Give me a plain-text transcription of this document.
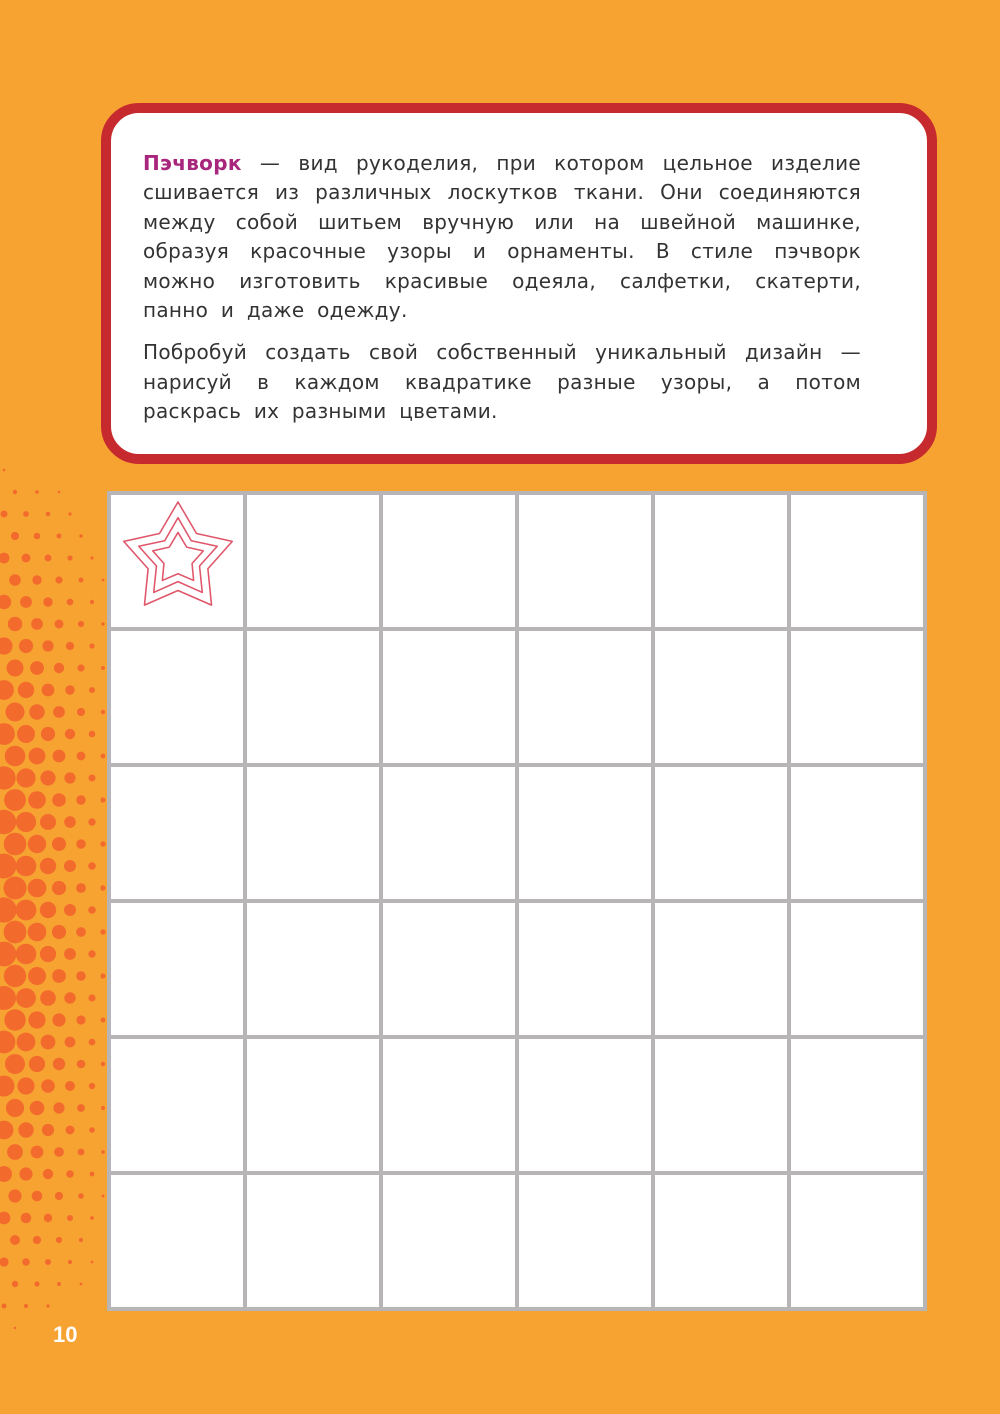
Пэчворк — вид рукоделия, при котором цельное изделие сшивается из различных лоскутков ткани. Они соединяются между собой шитьем вручную или на швейной машинке, образуя красочные узоры и орнаменты. В стиле пэчворк можно изготовить красивые одеяла, салфетки, скатерти, панно и даже одежду.

Побробуй создать свой собственный уникальный дизайн — нарисуй в каждом квадратике разные узоры, а потом раскрась их разными цветами.

10
